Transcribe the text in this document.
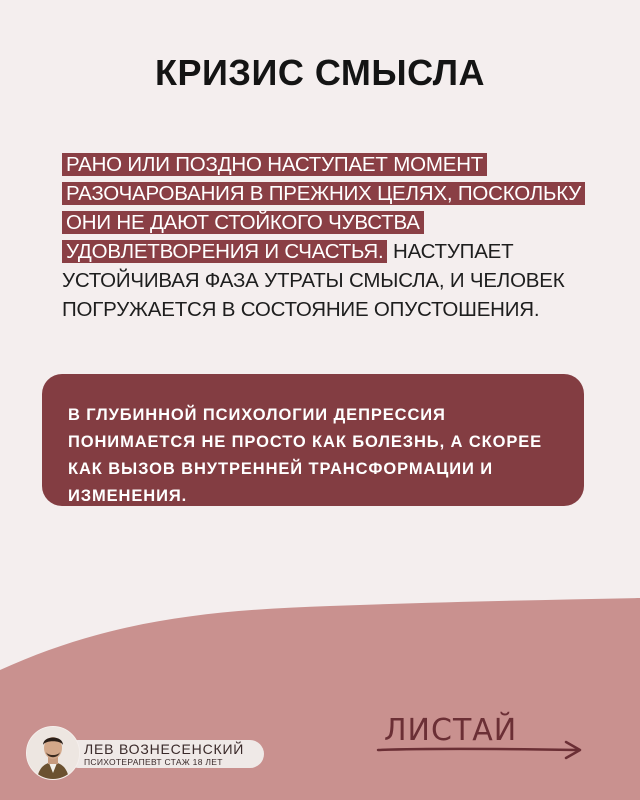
КРИЗИС СМЫСЛА

РАНО ИЛИ ПОЗДНО НАСТУПАЕТ МОМЕНТ РАЗОЧАРОВАНИЯ В ПРЕЖНИХ ЦЕЛЯХ, ПОСКОЛЬКУ ОНИ НЕ ДАЮТ СТОЙКОГО ЧУВСТВА УДОВЛЕТВОРЕНИЯ И СЧАСТЬЯ. НАСТУПАЕТ УСТОЙЧИВАЯ ФАЗА УТРАТЫ СМЫСЛА, И ЧЕЛОВЕК ПОГРУЖАЕТСЯ В СОСТОЯНИЕ ОПУСТОШЕНИЯ.

В ГЛУБИННОЙ ПСИХОЛОГИИ ДЕПРЕССИЯ ПОНИМАЕТСЯ НЕ ПРОСТО КАК БОЛЕЗНЬ, А СКОРЕЕ КАК ВЫЗОВ ВНУТРЕННЕЙ ТРАНСФОРМАЦИИ И ИЗМЕНЕНИЯ.

ЛЕВ ВОЗНЕСЕНСКИЙ
ПСИХОТЕРАПЕВТ СТАЖ 18 ЛЕТ
ЛИСТАЙ
